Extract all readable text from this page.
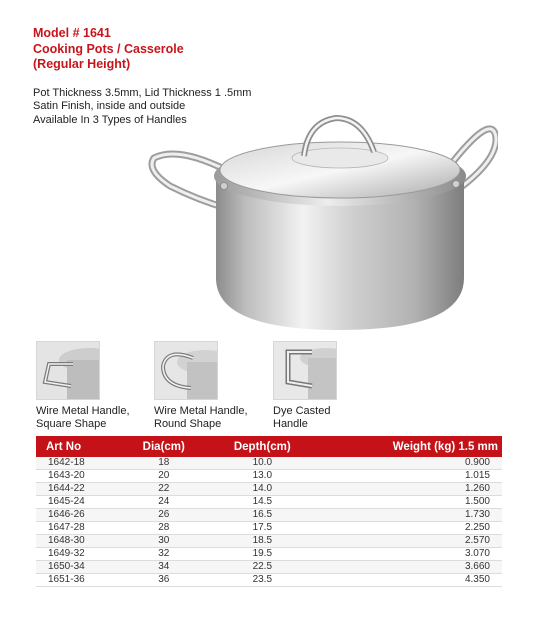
Model # 1641
Cooking Pots / Casserole
(Regular Height)
Pot Thickness 3.5mm, Lid Thickness 1 .5mm
Satin Finish, inside and outside
Available In 3 Types of Handles
Wire Metal Handle,
Square Shape
Wire Metal Handle,
Round Shape
Dye Casted
Handle
Art No	Dia(cm)	Depth(cm)	Weight (kg) 1.5 mm
1642-18	18	10.0	0.900
1643-20	20	13.0	1.015
1644-22	22	14.0	1.260
1645-24	24	14.5	1.500
1646-26	26	16.5	1.730
1647-28	28	17.5	2.250
1648-30	30	18.5	2.570
1649-32	32	19.5	3.070
1650-34	34	22.5	3.660
1651-36	36	23.5	4.350
